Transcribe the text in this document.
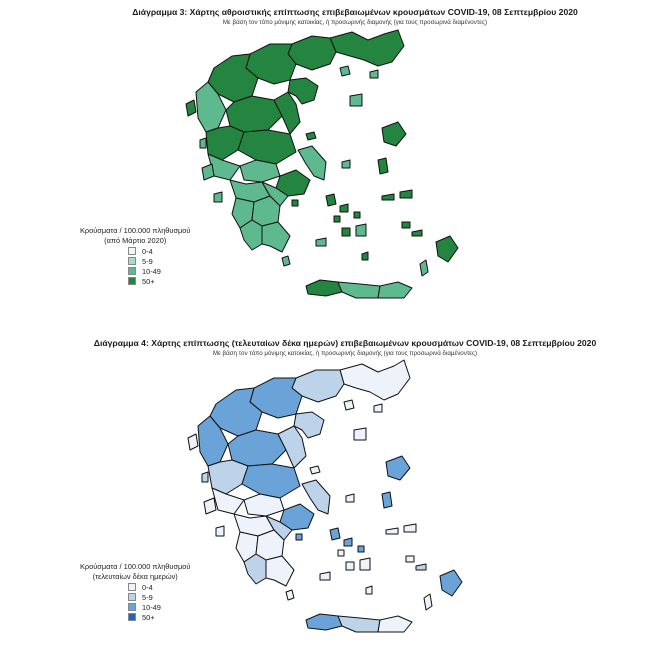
Διάγραμμα 3: Χάρτης αθροιστικής επίπτωσης επιβεβαιωμένων κρουσμάτων COVID-19, 08 Σεπτεμβρίου 2020
Με βάση τον τόπο μόνιμης κατοικίας, ή προσωρινής διαμονής (για τους προσωρινά διαμένοντες)
Κρούσματα / 100.000 πληθυσμού
(από Μάρτιο 2020)
0-4
5-9
10-49
50+
Διάγραμμα 4: Χάρτης επίπτωσης (τελευταίων δέκα ημερών) επιβεβαιωμένων κρουσμάτων COVID-19, 08 Σεπτεμβρίου 2020
Με βάση τον τόπο μόνιμης κατοικίας, ή προσωρινής διαμονής (για τους προσωρινά διαμένοντες)
Κρούσματα / 100.000 πληθυσμού
(τελευταίων δέκα ημερών)
0-4
5-9
10-49
50+
